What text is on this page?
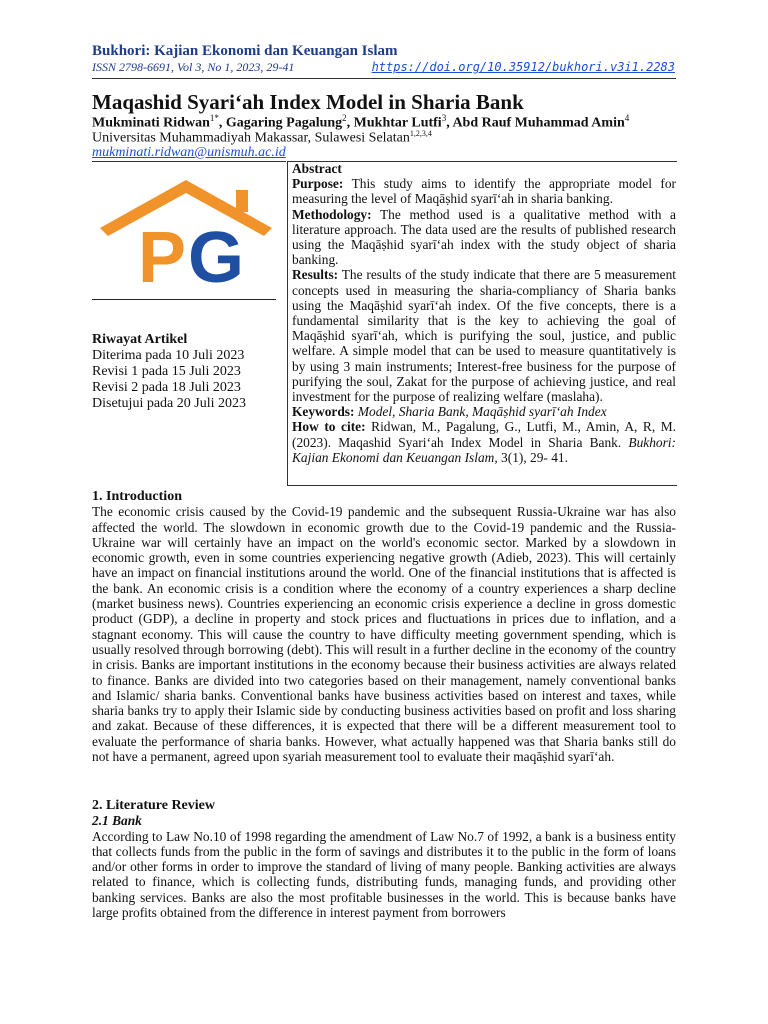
Bukhori: Kajian Ekonomi dan Keuangan Islam
ISSN 2798-6691, Vol 3, No 1, 2023, 29-41	https://doi.org/10.35912/bukhori.v3i1.2283
Maqashid Syari‘ah Index Model in Sharia Bank
Mukminati Ridwan$^{1*}$, Gagaring Pagalung$^2$, Mukhtar Lutfi$^3$, Abd Rauf Muhammad Amin$^4$
Universitas Muhammadiyah Makassar, Sulawesi Selatan$^{1,2,3,4}$
mukminati.ridwan@unismuh.ac.id
P G
Riwayat Artikel
Diterima pada 10 Juli 2023
Revisi 1 pada 15 Juli 2023
Revisi 2 pada 18 Juli 2023
Disetujui pada 20 Juli 2023

Abstract

Purpose: This study aims to identify the appropriate model for measuring the level of Maqāṣhid syarī‘ah in sharia banking.

Methodology: The method used is a qualitative method with a literature approach. The data used are the results of published research using the Maqāṣhid syarī‘ah index with the study object of sharia banking.

Results: The results of the study indicate that there are 5 measurement concepts used in measuring the sharia-compliancy of Sharia banks using the Maqāṣhid syarī‘ah index. Of the five concepts, there is a fundamental similarity that is the key to achieving the goal of Maqāṣhid syarī‘ah, which is purifying the soul, justice, and public welfare. A simple model that can be used to measure quantitatively is by using 3 main instruments; Interest-free business for the purpose of purifying the soul, Zakat for the purpose of achieving justice, and real investment for the purpose of realizing welfare (maslaha).

Keywords: Model, Sharia Bank, Maqāṣhid syarī‘ah Index

How to cite: Ridwan, M., Pagalung, G., Lutfi, M., Amin, A, R, M. (2023). Maqashid Syari‘ah Index Model in Sharia Bank. Bukhori: Kajian Ekonomi dan Keuangan Islam, 3(1), 29- 41.

1. Introduction

The economic crisis caused by the Covid-19 pandemic and the subsequent Russia-Ukraine war has also affected the world. The slowdown in economic growth due to the Covid-19 pandemic and the Russia-Ukraine war will certainly have an impact on the world's economic sector. Marked by a slowdown in economic growth, even in some countries experiencing negative growth (Adieb, 2023). This will certainly have an impact on financial institutions around the world. One of the financial institutions that is affected is the bank. An economic crisis is a condition where the economy of a country experiences a sharp decline (market business news). Countries experiencing an economic crisis experience a decline in gross domestic product (GDP), a decline in property and stock prices and fluctuations in prices due to inflation, and a stagnant economy. This will cause the country to have difficulty meeting government spending, which is usually resolved through borrowing (debt). This will result in a further decline in the economy of the country in crisis. Banks are important institutions in the economy because their business activities are always related to finance. Banks are divided into two categories based on their management, namely conventional banks and Islamic/ sharia banks. Conventional banks have business activities based on interest and taxes, while sharia banks try to apply their Islamic side by conducting business activities based on profit and loss sharing and zakat. Because of these differences, it is expected that there will be a different measurement tool to evaluate the performance of sharia banks. However, what actually happened was that Sharia banks still do not have a permanent, agreed upon syariah measurement tool to evaluate their maqāṣhid syarī‘ah.

2. Literature Review

2.1 Bank

According to Law No.10 of 1998 regarding the amendment of Law No.7 of 1992, a bank is a business entity that collects funds from the public in the form of savings and distributes it to the public in the form of loans and/or other forms in order to improve the standard of living of many people. Banking activities are always related to finance, which is collecting funds, distributing funds, managing funds, and providing other banking services. Banks are also the most profitable businesses in the world. This is because banks have large profits obtained from the difference in interest payment from borrowers
